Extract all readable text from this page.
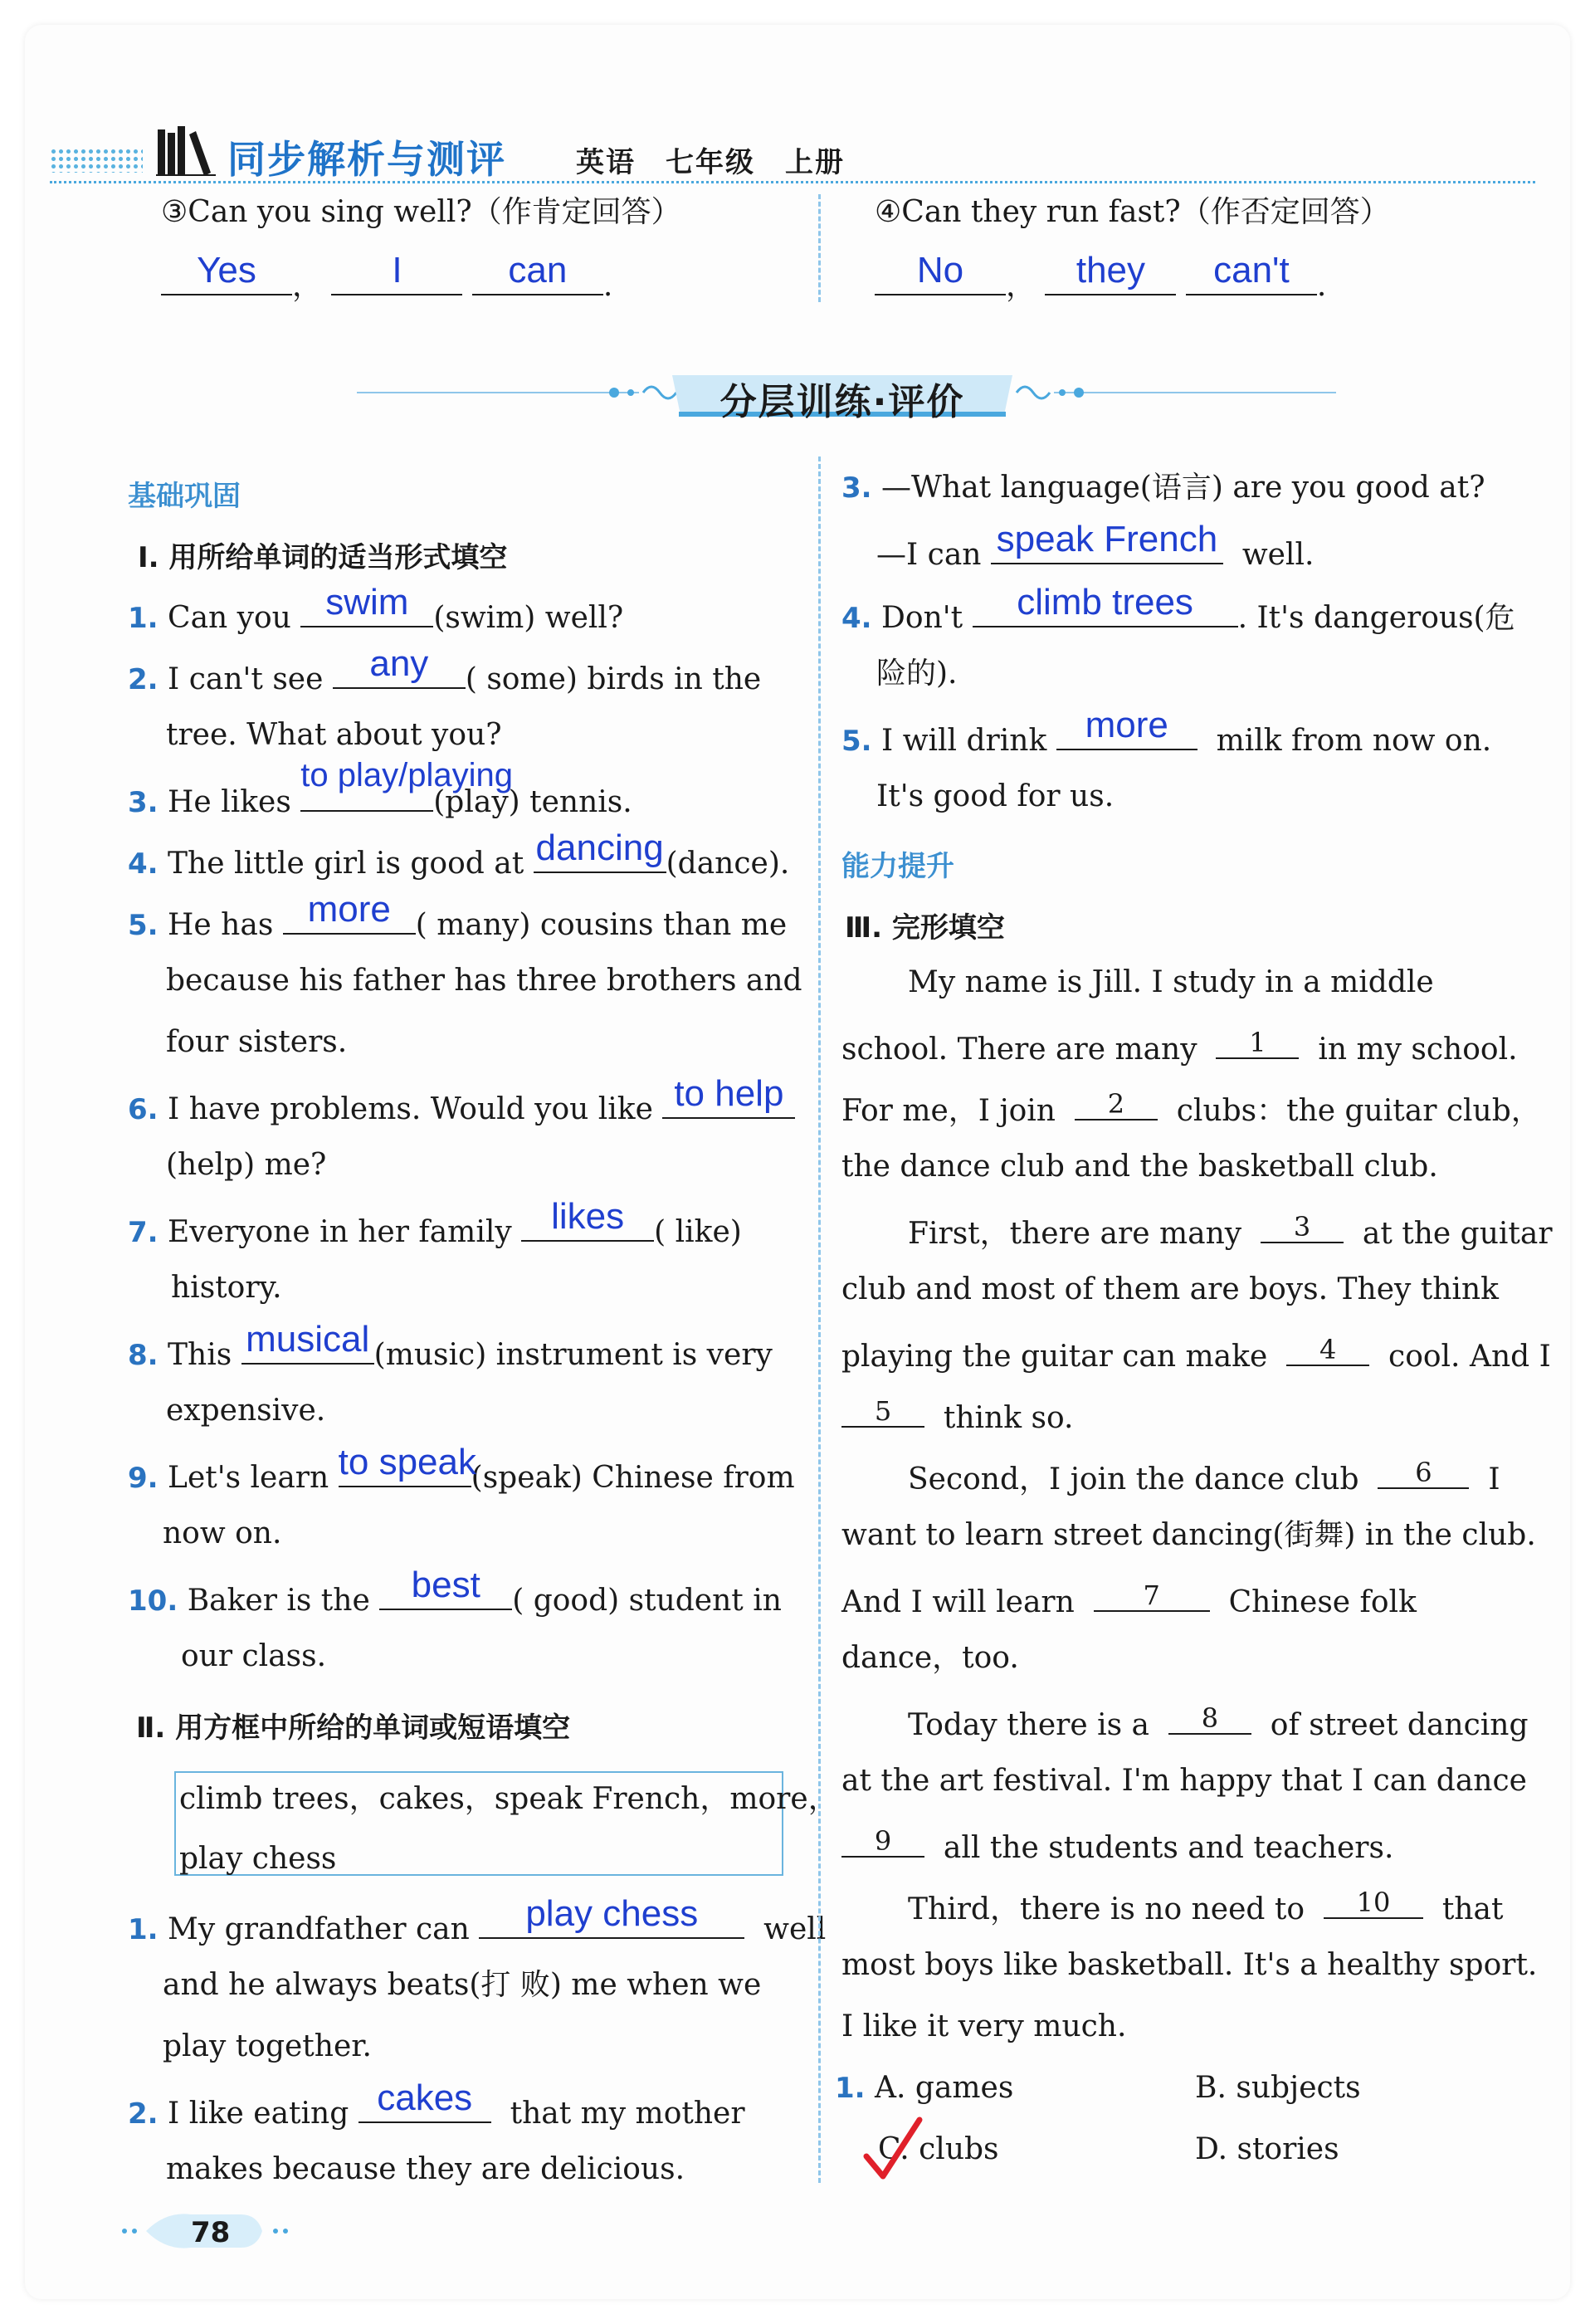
同步解析与测评 英语　七年级　上册
③Can you sing well?（作肯定回答）
Yes	，	I
	can	.
④Can they run fast?（作否定回答）
No	， they
	can't .
分层训练·评价
基础巩固
Ⅰ. 用所给单词的适当形式填空
1. Can you swim (swim) well?
2. I can't see	any	( some) birds in the
tree. What about you?
3. He likes
to play/playing
(play) tennis.
4. The little girl is good at dancing (dance).
5. He has more ( many) cousins than me
because his father has three brothers and
four sisters.
6. I have problems. Would you like to help
(help) me?
7. Everyone in her family likes ( like)
history.
8. This musical (music) instrument is very
expensive.
9. Let's learn to speak
(speak) Chinese from
now on.
10. Baker is the best	( good) student in
our class.
Ⅱ. 用方框中所给的单词或短语填空
climb trees，cakes，speak French，more，
play chess
1. My grandfather can	play chess	well
and he always beats(打 败) me when we
play together.
2. I like eating cakes	that my mother
makes because they are delicious.
3. —What language(语言) are you good at?
—I can speak French well.
4. Don't	climb trees	. It's dangerous(危
险的).
5. I will drink more	milk from now on.
It's good for us.
能力提升
Ⅲ. 完形填空
My name is Jill. I study in a middle
school. There are many	1	in my school.
For me，I join	2	clubs：the guitar club，
the dance club and the basketball club.
First，there are many	3	at the guitar
club and most of them are boys. They think
playing the guitar can make	4	cool. And I
5	think so.
Second，I join the dance club	6	I
want to learn street dancing(街舞) in the club.
And I will learn	7	Chinese folk
dance，too.
Today there is a	8	of street dancing
at the art festival. I'm happy that I can dance
9	all the students and teachers.
Third，there is no need to	10	that
most boys like basketball. It's a healthy sport.
I like it very much.
1. A. games	B. subjects
C. clubs	D. stories
78
